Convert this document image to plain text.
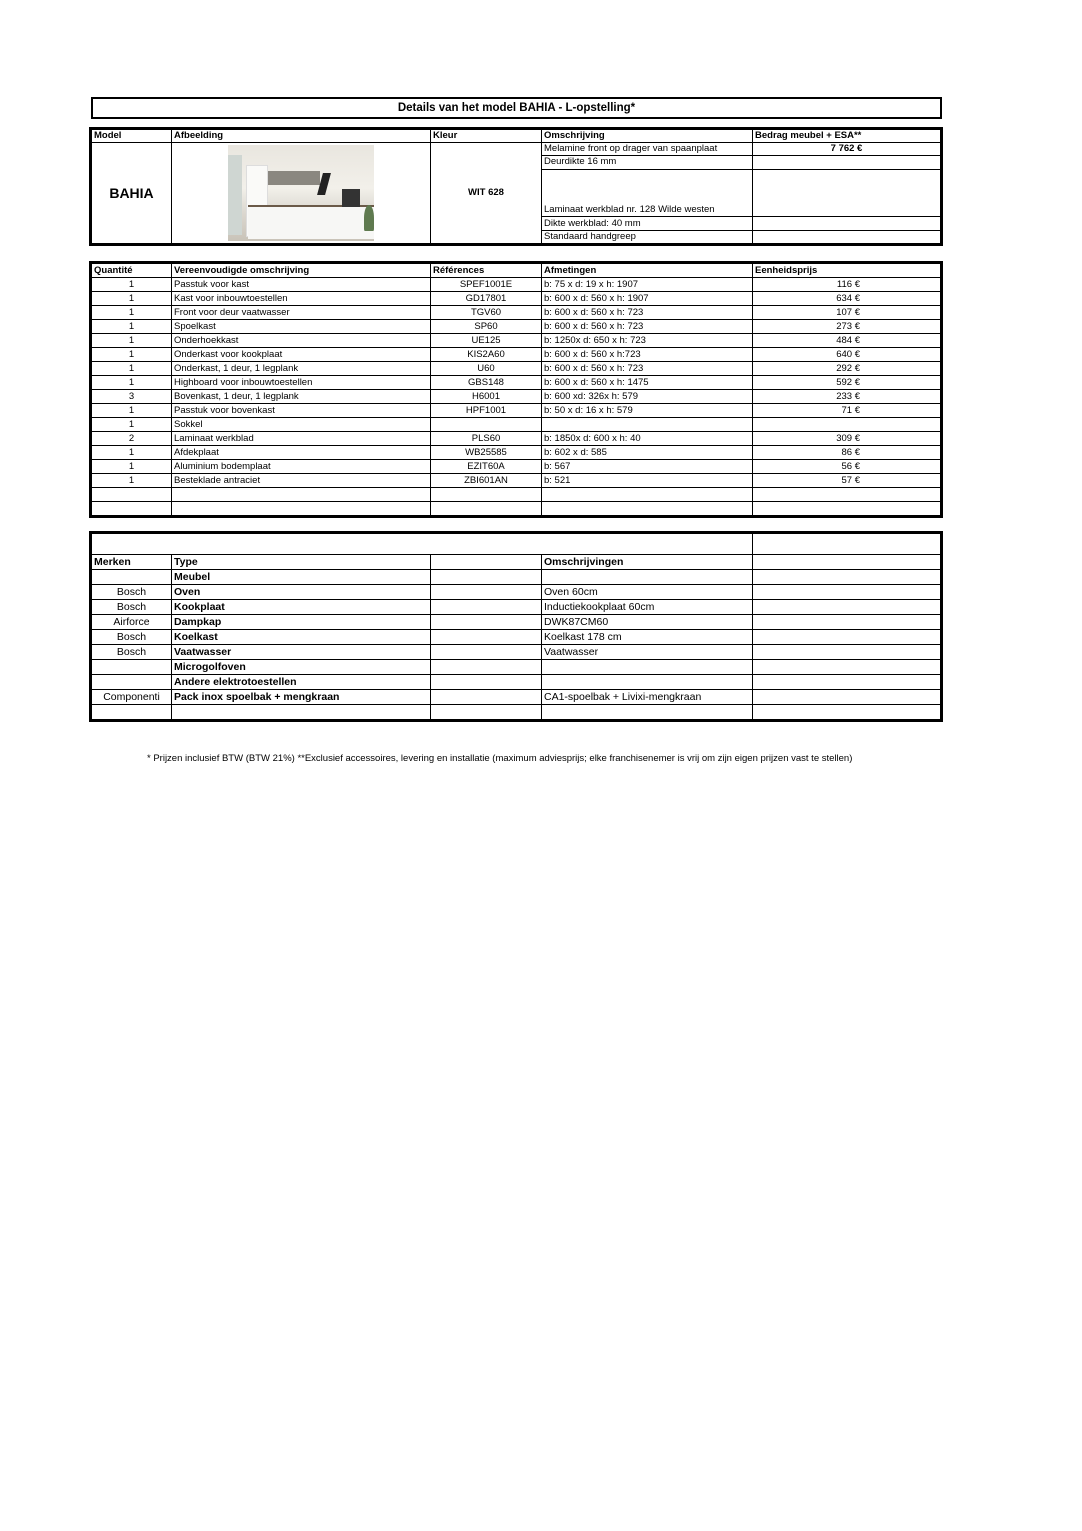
Details van het model BAHIA - L-opstelling*
Model	Afbeelding	Kleur	Omschrijving	Bedrag meubel + ESA**
BAHIA		WIT 628	Melamine front op drager van spaanplaat	7 762 €
			Deurdikte 16 mm	
			Laminaat werkblad nr. 128 Wilde westen	
			Dikte werkblad: 40 mm	
			Standaard handgreep	
Quantité	Vereenvoudigde omschrijving	Références	Afmetingen	Eenheidsprijs
1	Passtuk voor kast	SPEF1001E	b: 75 x d: 19 x h: 1907	116 €
1	Kast voor inbouwtoestellen	GD17801	b: 600 x d: 560 x h: 1907	634 €
1	Front voor deur vaatwasser	TGV60	b: 600 x d: 560 x h: 723	107 €
1	Spoelkast	SP60	b: 600 x d: 560 x h: 723	273 €
1	Onderhoekkast	UE125	b: 1250x d: 650 x h: 723	484 €
1	Onderkast voor kookplaat	KIS2A60	b: 600 x d: 560 x h:723	640 €
1	Onderkast, 1 deur, 1 legplank	U60	b: 600 x d: 560 x h: 723	292 €
1	Highboard voor inbouwtoestellen	GBS148	b: 600 x d: 560 x h: 1475	592 €
3	Bovenkast, 1 deur, 1 legplank	H6001	b: 600 xd: 326x h: 579	233 €
1	Passtuk voor bovenkast	HPF1001	b: 50 x d: 16 x h: 579	71 €
1	Sokkel			
2	Laminaat werkblad	PLS60	b: 1850x d: 600 x h: 40	309 €
1	Afdekplaat	WB25585	b: 602 x d: 585	86 €
1	Aluminium bodemplaat	EZIT60A	b: 567	56 €
1	Besteklade antraciet	ZBI601AN	b: 521	57 €

Merken	Type		Omschrijvingen	
	Meubel			
Bosch	Oven		Oven 60cm	
Bosch	Kookplaat		Inductiekookplaat 60cm	
Airforce	Dampkap		DWK87CM60	
Bosch	Koelkast		Koelkast 178 cm	
Bosch	Vaatwasser		Vaatwasser	
	Microgolfoven			
	Andere elektrotoestellen			
Componenti	Pack inox spoelbak + mengkraan		CA1-spoelbak + Livixi-mengkraan	

* Prijzen inclusief BTW (BTW 21%) **Exclusief accessoires, levering en installatie (maximum adviesprijs; elke franchisenemer is vrij om zijn eigen prijzen vast te stellen)
